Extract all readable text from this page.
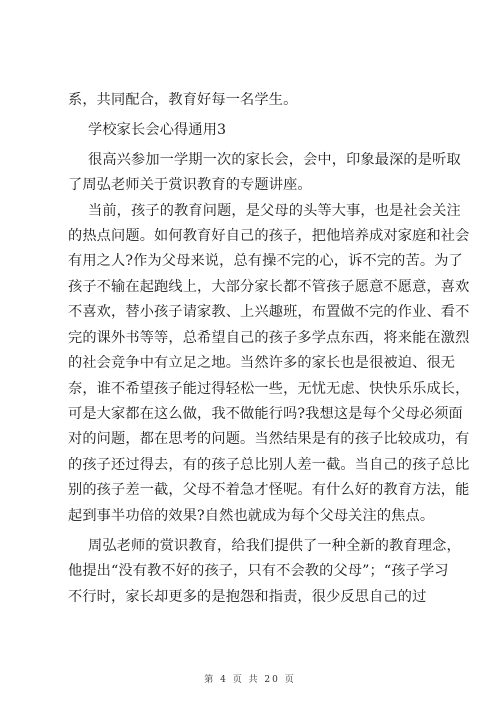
系，共同配合，教育好每一名学生。
学校家长会心得通用3
很高兴参加一学期一次的家长会，会中，印象最深的是听取
了周弘老师关于赏识教育的专题讲座。
当前，孩子的教育问题，是父母的头等大事，也是社会关注
的热点问题。如何教育好自己的孩子，把他培养成对家庭和社会
有用之人?作为父母来说，总有操不完的心，诉不完的苦。为了
孩子不输在起跑线上，大部分家长都不管孩子愿意不愿意，喜欢
不喜欢，替小孩子请家教、上兴趣班，布置做不完的作业、看不
完的课外书等等，总希望自己的孩子多学点东西，将来能在激烈
的社会竞争中有立足之地。当然许多的家长也是很被迫、很无
奈，谁不希望孩子能过得轻松一些，无忧无虑、快快乐乐成长，
可是大家都在这么做，我不做能行吗?我想这是每个父母必须面
对的问题，都在思考的问题。当然结果是有的孩子比较成功，有
的孩子还过得去，有的孩子总比别人差一截。当自己的孩子总比
别的孩子差一截，父母不着急才怪呢。有什么好的教育方法，能
起到事半功倍的效果?自然也就成为每个父母关注的焦点。
周弘老师的赏识教育，给我们提供了一种全新的教育理念，
他提出“没有教不好的孩子，只有不会教的父母”；“孩子学习
不行时，家长却更多的是抱怨和指责，很少反思自己的过
第 4 页 共 20 页
